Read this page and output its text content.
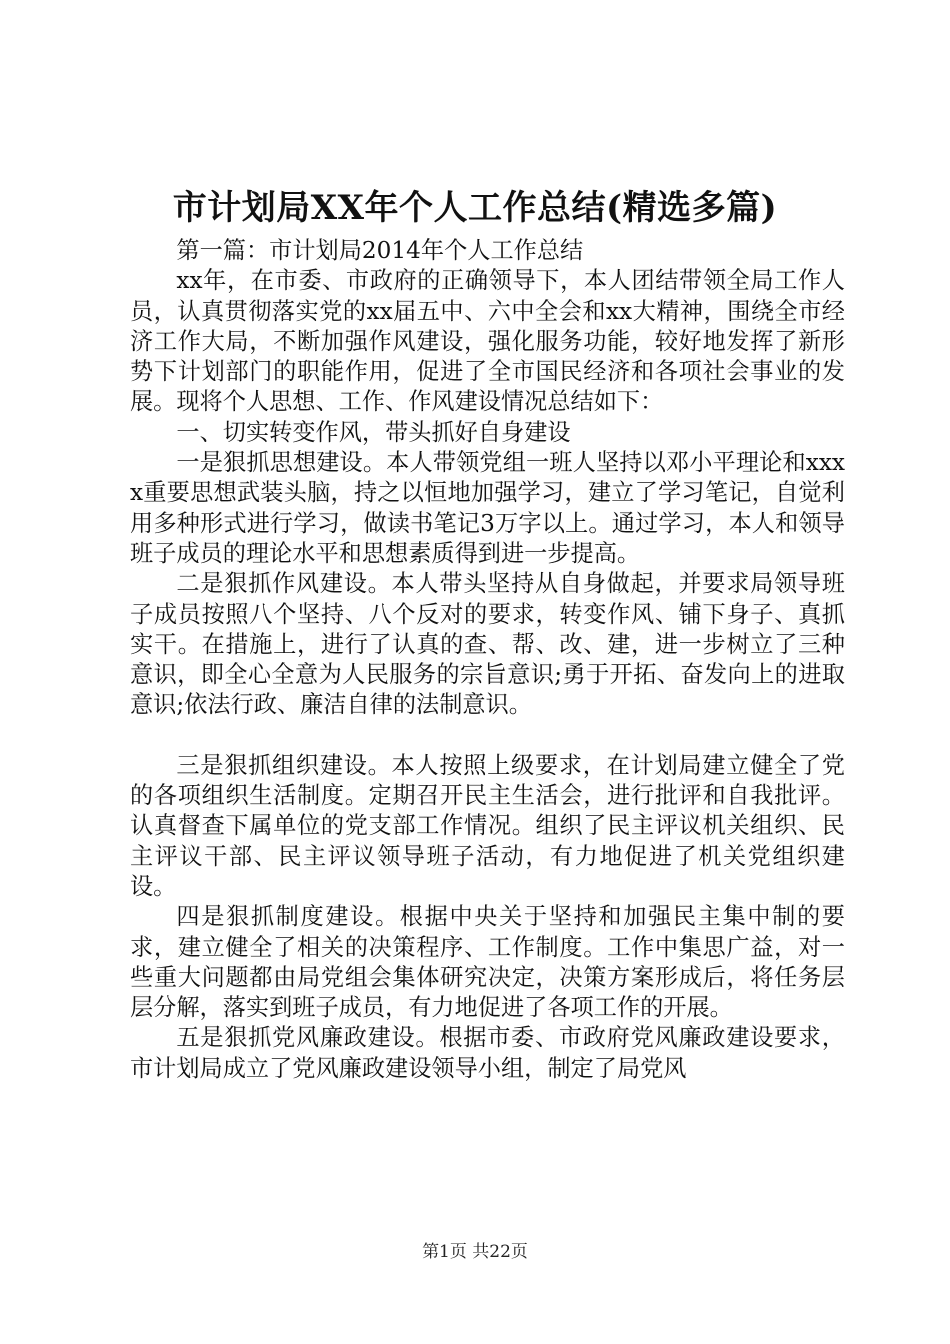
市计划局XX年个人工作总结(精选多篇)

第一篇：市计划局2014年个人工作总结

xx年，在市委、市政府的正确领导下，本人团结带领全局工作人员，认真贯彻落实党的xx届五中、六中全会和xx大精神，围绕全市经济工作大局，不断加强作风建设，强化服务功能，较好地发挥了新形势下计划部门的职能作用，促进了全市国民经济和各项社会事业的发展。现将个人思想、工作、作风建设情况总结如下：

一、切实转变作风，带头抓好自身建设

一是狠抓思想建设。本人带领党组一班人坚持以邓小平理论和xxxx重要思想武装头脑，持之以恒地加强学习，建立了学习笔记，自觉利用多种形式进行学习，做读书笔记3万字以上。通过学习，本人和领导班子成员的理论水平和思想素质得到进一步提高。

二是狠抓作风建设。本人带头坚持从自身做起，并要求局领导班子成员按照八个坚持、八个反对的要求，转变作风、铺下身子、真抓实干。在措施上，进行了认真的查、帮、改、建，进一步树立了三种意识，即全心全意为人民服务的宗旨意识;勇于开拓、奋发向上的进取意识;依法行政、廉洁自律的法制意识。

三是狠抓组织建设。本人按照上级要求，在计划局建立健全了党的各项组织生活制度。定期召开民主生活会，进行批评和自我批评。认真督查下属单位的党支部工作情况。组织了民主评议机关组织、民主评议干部、民主评议领导班子活动，有力地促进了机关党组织建设。

四是狠抓制度建设。根据中央关于坚持和加强民主集中制的要求，建立健全了相关的决策程序、工作制度。工作中集思广益，对一些重大问题都由局党组会集体研究决定，决策方案形成后，将任务层层分解，落实到班子成员，有力地促进了各项工作的开展。

五是狠抓党风廉政建设。根据市委、市政府党风廉政建设要求，市计划局成立了党风廉政建设领导小组，制定了局党风

第1页 共22页
